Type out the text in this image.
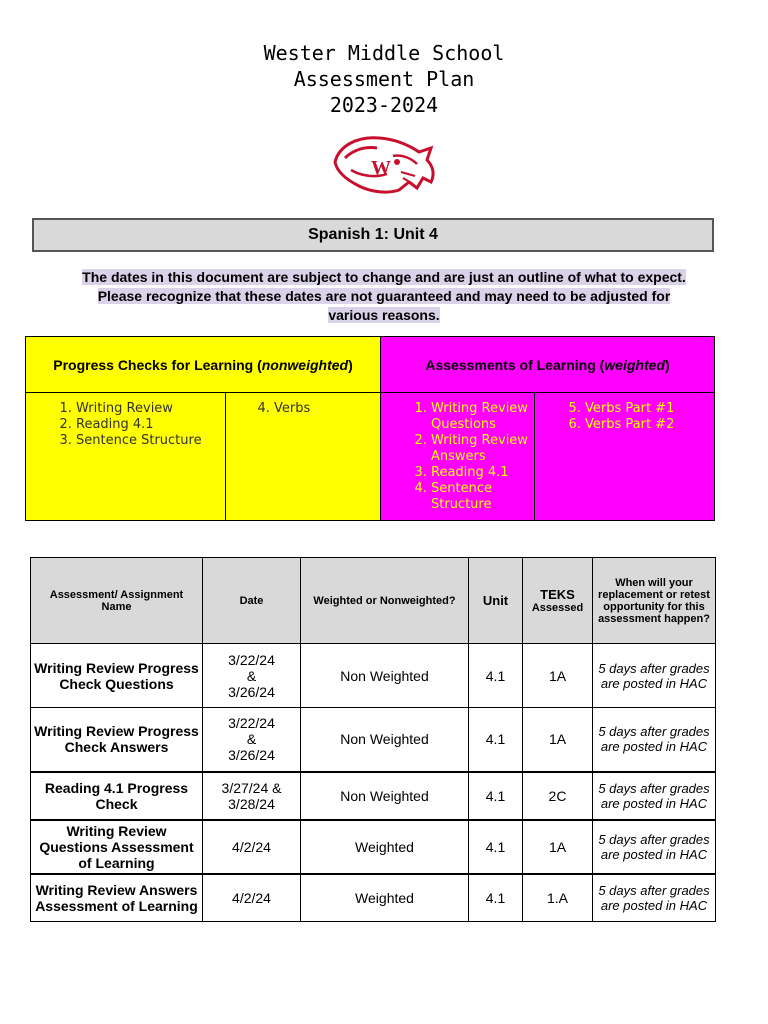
Wester Middle School
Assessment Plan
2023-2024
W
Spanish 1: Unit 4
The dates in this document are subject to change and are just an outline of what to expect. Please recognize that these dates are not guaranteed and may need to be adjusted for various reasons.
Progress Checks for Learning ( nonweighted )	Assessments of Learning ( weighted )
1. Writing Review
2. Reading 4.1
3. Sentence Structure
4. Verbs	1. Writing Review Questions
2. Writing Review Answers
3. Reading 4.1
4. Sentence Structure
5. Verbs Part #1
6. Verbs Part #2
Assessment/ Assignment Name	Date	Weighted or Nonweighted?	Unit	TEKS
Assessed	When will your replacement or retest opportunity for this assessment happen?
Writing Review Progress Check Questions	3/22/24
&
3/26/24	Non Weighted	4.1	1A	5 days after grades are posted in HAC
Writing Review Progress Check Answers	3/22/24
&
3/26/24	Non Weighted	4.1	1A	5 days after grades are posted in HAC
Reading 4.1 Progress Check	3/27/24 &
3/28/24	Non Weighted	4.1	2C	5 days after grades are posted in HAC
Writing Review Questions Assessment of Learning	4/2/24	Weighted	4.1	1A	5 days after grades are posted in HAC
Writing Review Answers Assessment of Learning	4/2/24	Weighted	4.1	1.A	5 days after grades are posted in HAC
